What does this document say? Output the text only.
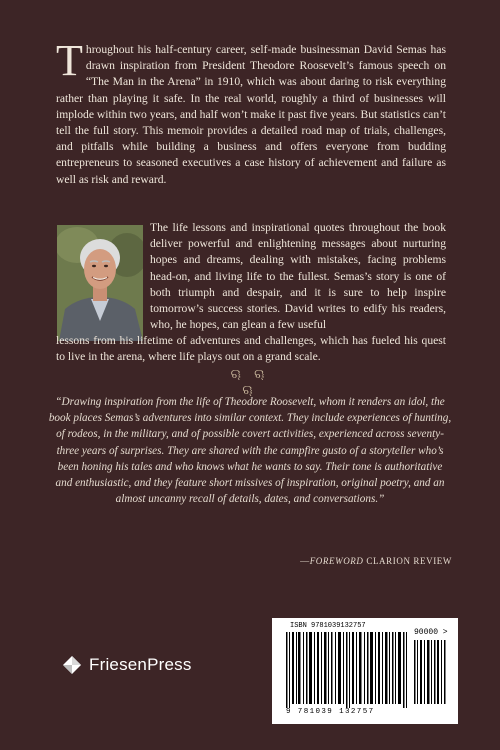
Throughout his half-century career, self-made businessman David Semas has drawn inspiration from President Theodore Roosevelt’s famous speech on “The Man in the Arena” in 1910, which was about daring to risk everything rather than playing it safe. In the real world, roughly a third of businesses will implode within two years, and half won’t make it past five years. But statistics can’t tell the full story. This memoir provides a detailed road map of trials, challenges, and pitfalls while building a business and offers everyone from budding entrepreneurs to seasoned executives a case history of achievement and failure as well as risk and reward.

The life lessons and inspirational quotes throughout the book deliver powerful and enlightening messages about nurturing hopes and dreams, dealing with mistakes, facing problems head-on, and living life to the fullest. Semas’s story is one of both triumph and despair, and it is sure to help inspire tomorrow’s success stories. David writes to edify his readers, who, he hopes, can glean a few useful

lessons from his lifetime of adventures and challenges, which has fueled his quest to live in the arena, where life plays out on a grand scale.

ୠ ୠ ୠ

“Drawing inspiration from the life of Theodore Roosevelt, whom it renders an idol, the book places Semas’s adventures into similar context. They include experiences of hunting, of rodeos, in the military, and of possible covert activities, experienced across seventy-three years of surprises. They are shared with the campfire gusto of a storyteller who’s been honing his tales and who knows what he wants to say. Their tone is authoritative and enthusiastic, and they feature short missives of inspiration, original poetry, and an almost uncanny recall of details, dates, and conversations.”

—FOREWORD CLARION REVIEW
FriesenPress
ISBN 9781039132757
90000 >
9 781039 132757
